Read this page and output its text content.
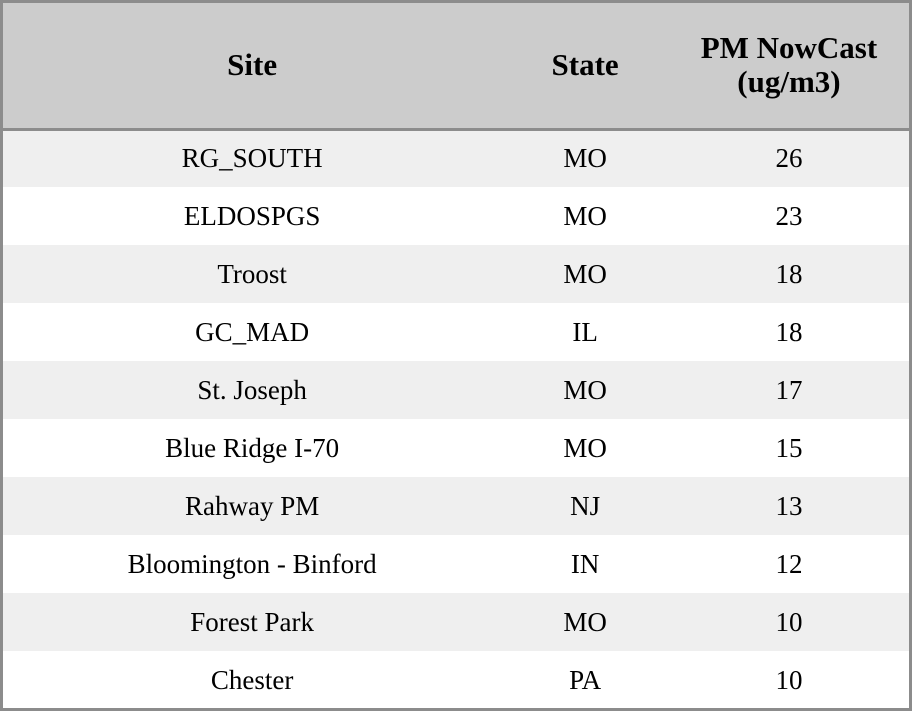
Site	State	PM NowCast (ug/m3)
RG_SOUTH	MO	26
ELDOSPGS	MO	23
Troost	MO	18
GC_MAD	IL	18
St. Joseph	MO	17
Blue Ridge I-70	MO	15
Rahway PM	NJ	13
Bloomington - Binford	IN	12
Forest Park	MO	10
Chester	PA	10
